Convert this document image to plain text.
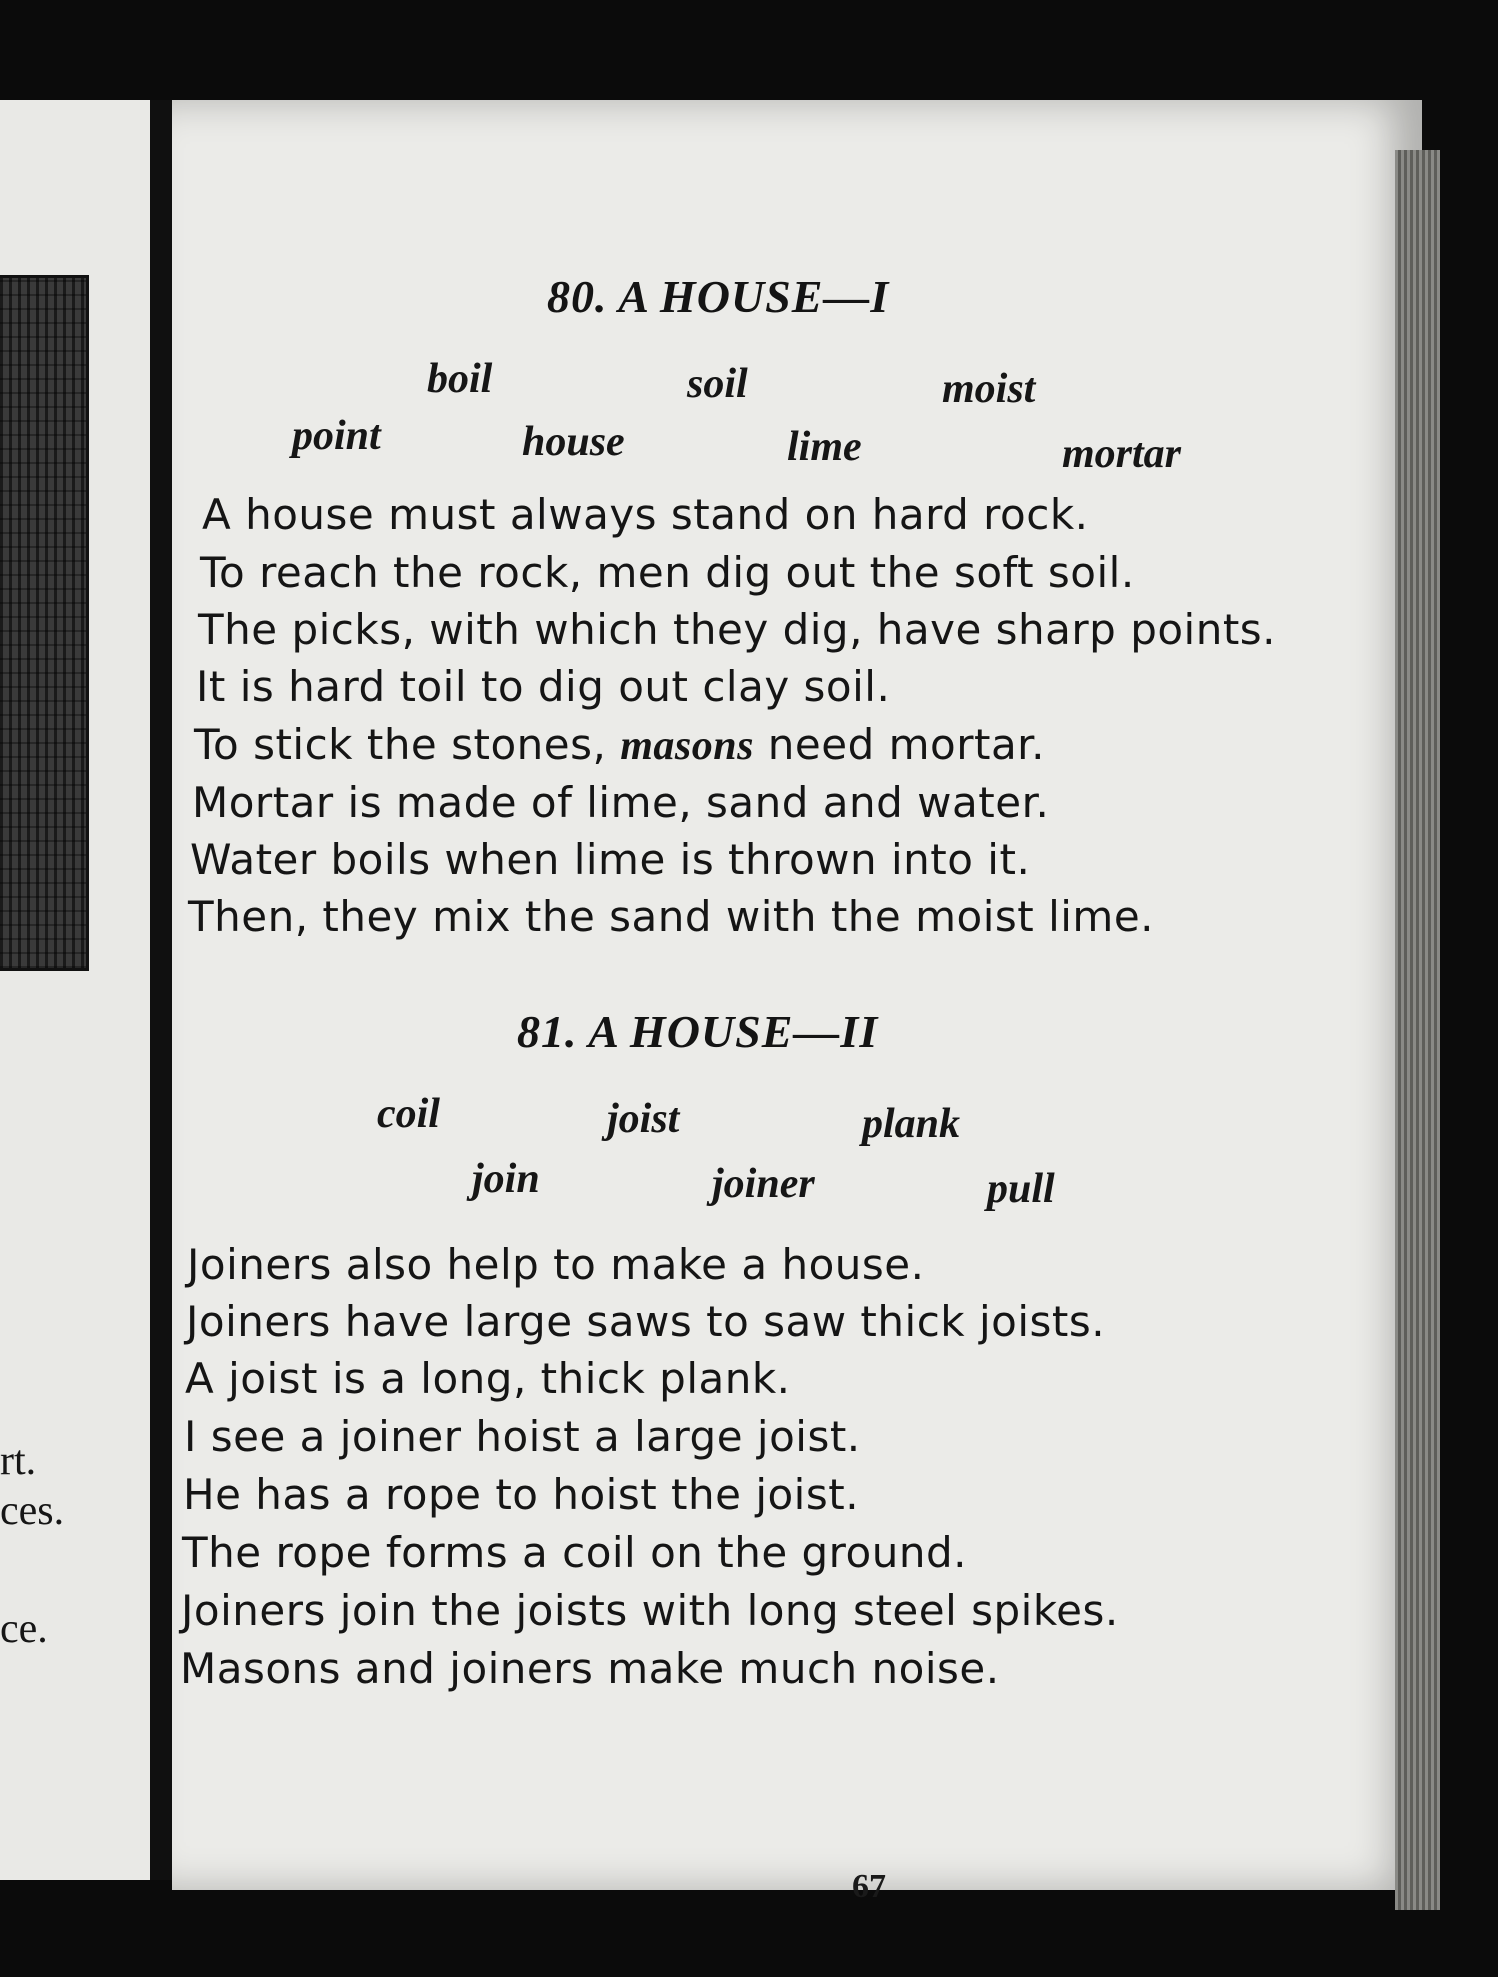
rt.
ces.
ce.
80. A HOUSE—I
boil	soil	moist
point	house	lime	mortar
A house must always stand on hard rock.
To reach the rock, men dig out the soft soil.
The picks, with which they dig, have sharp points.
It is hard toil to dig out clay soil.
To stick the stones, masons need mortar.
Mortar is made of lime, sand and water.
Water boils when lime is thrown into it.
Then, they mix the sand with the moist lime.
81. A HOUSE—II
coil	joist	plank
join	joiner	pull
Joiners also help to make a house.
Joiners have large saws to saw thick joists.
A joist is a long, thick plank.
I see a joiner hoist a large joist.
He has a rope to hoist the joist.
The rope forms a coil on the ground.
Joiners join the joists with long steel spikes.
Masons and joiners make much noise.
67
